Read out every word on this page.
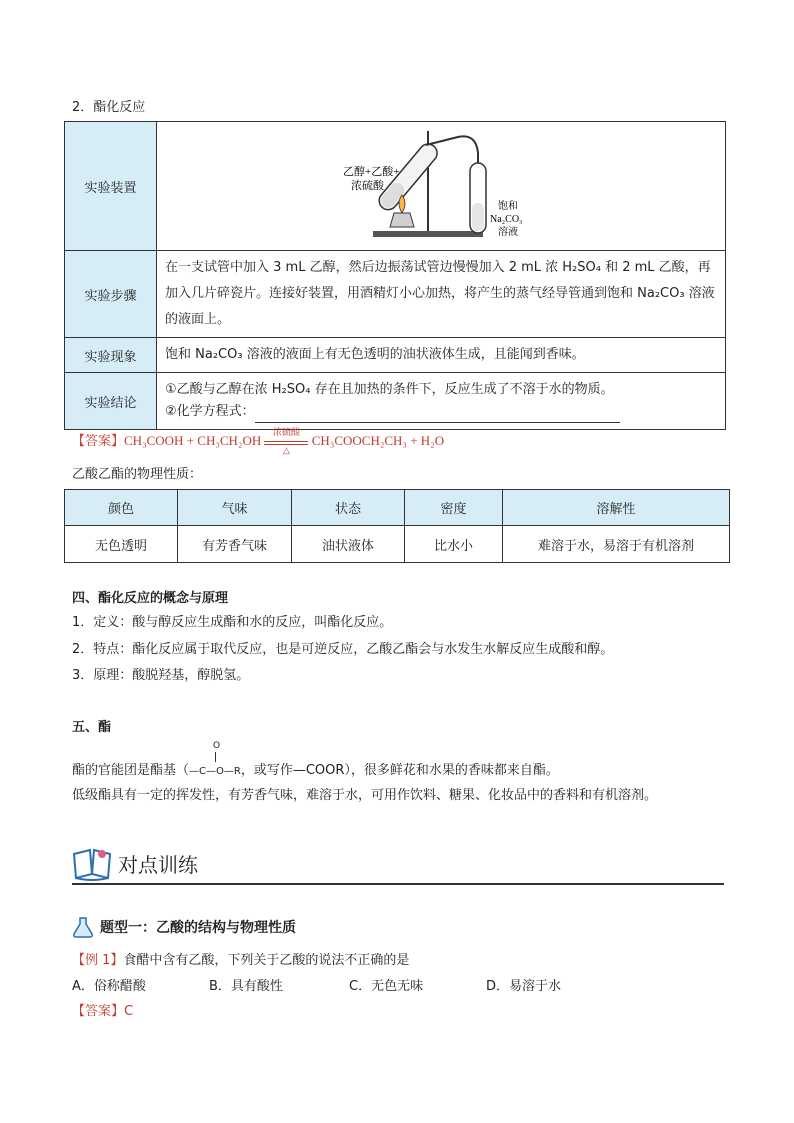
2．酯化反应
实验装置	乙醇+乙酸+
浓硫酸
饱和
Na₂CO₃
溶液

实验步骤	在一支试管中加入 3 mL 乙醇，然后边振荡试管边慢慢加入 2 mL 浓 H₂SO₄ 和 2 mL 乙酸，再加入几片碎瓷片。连接好装置，用酒精灯小心加热，将产生的蒸气经导管通到饱和 Na₂CO₃ 溶液的液面上。
实验现象	饱和 Na₂CO₃ 溶液的液面上有无色透明的油状液体生成，且能闻到香味。
实验结论	①乙酸与乙醇在浓 H₂SO₄ 存在且加热的条件下，反应生成了不溶于水的物质。
②化学方程式：
【答案】CH₃COOH + CH₃CH₂OH
浓硫酸
△
CH₃COOCH₂CH₃ + H₂O
乙酸乙酯的物理性质：
颜色	气味	状态	密度	溶解性
无色透明	有芳香气味	油状液体	比水小	难溶于水，易溶于有机溶剂
四、酯化反应的概念与原理
1．定义：酸与醇反应生成酯和水的反应，叫酯化反应。
2．特点：酯化反应属于取代反应，也是可逆反应，乙酸乙酯会与水发生水解反应生成酸和醇。
3．原理：酸脱羟基，醇脱氢。
五、酯
O
酯的官能团是酯基（—C—O—R，或写作—COOR），很多鲜花和水果的香味都来自酯。
低级酯具有一定的挥发性，有芳香气味，难溶于水，可用作饮料、糖果、化妆品中的香料和有机溶剂。
对点训练
题型一：乙酸的结构与物理性质
【例 1】食醋中含有乙酸，下列关于乙酸的说法不正确的是
A．俗称醋酸	B．具有酸性	C．无色无味	D．易溶于水
【答案】C
